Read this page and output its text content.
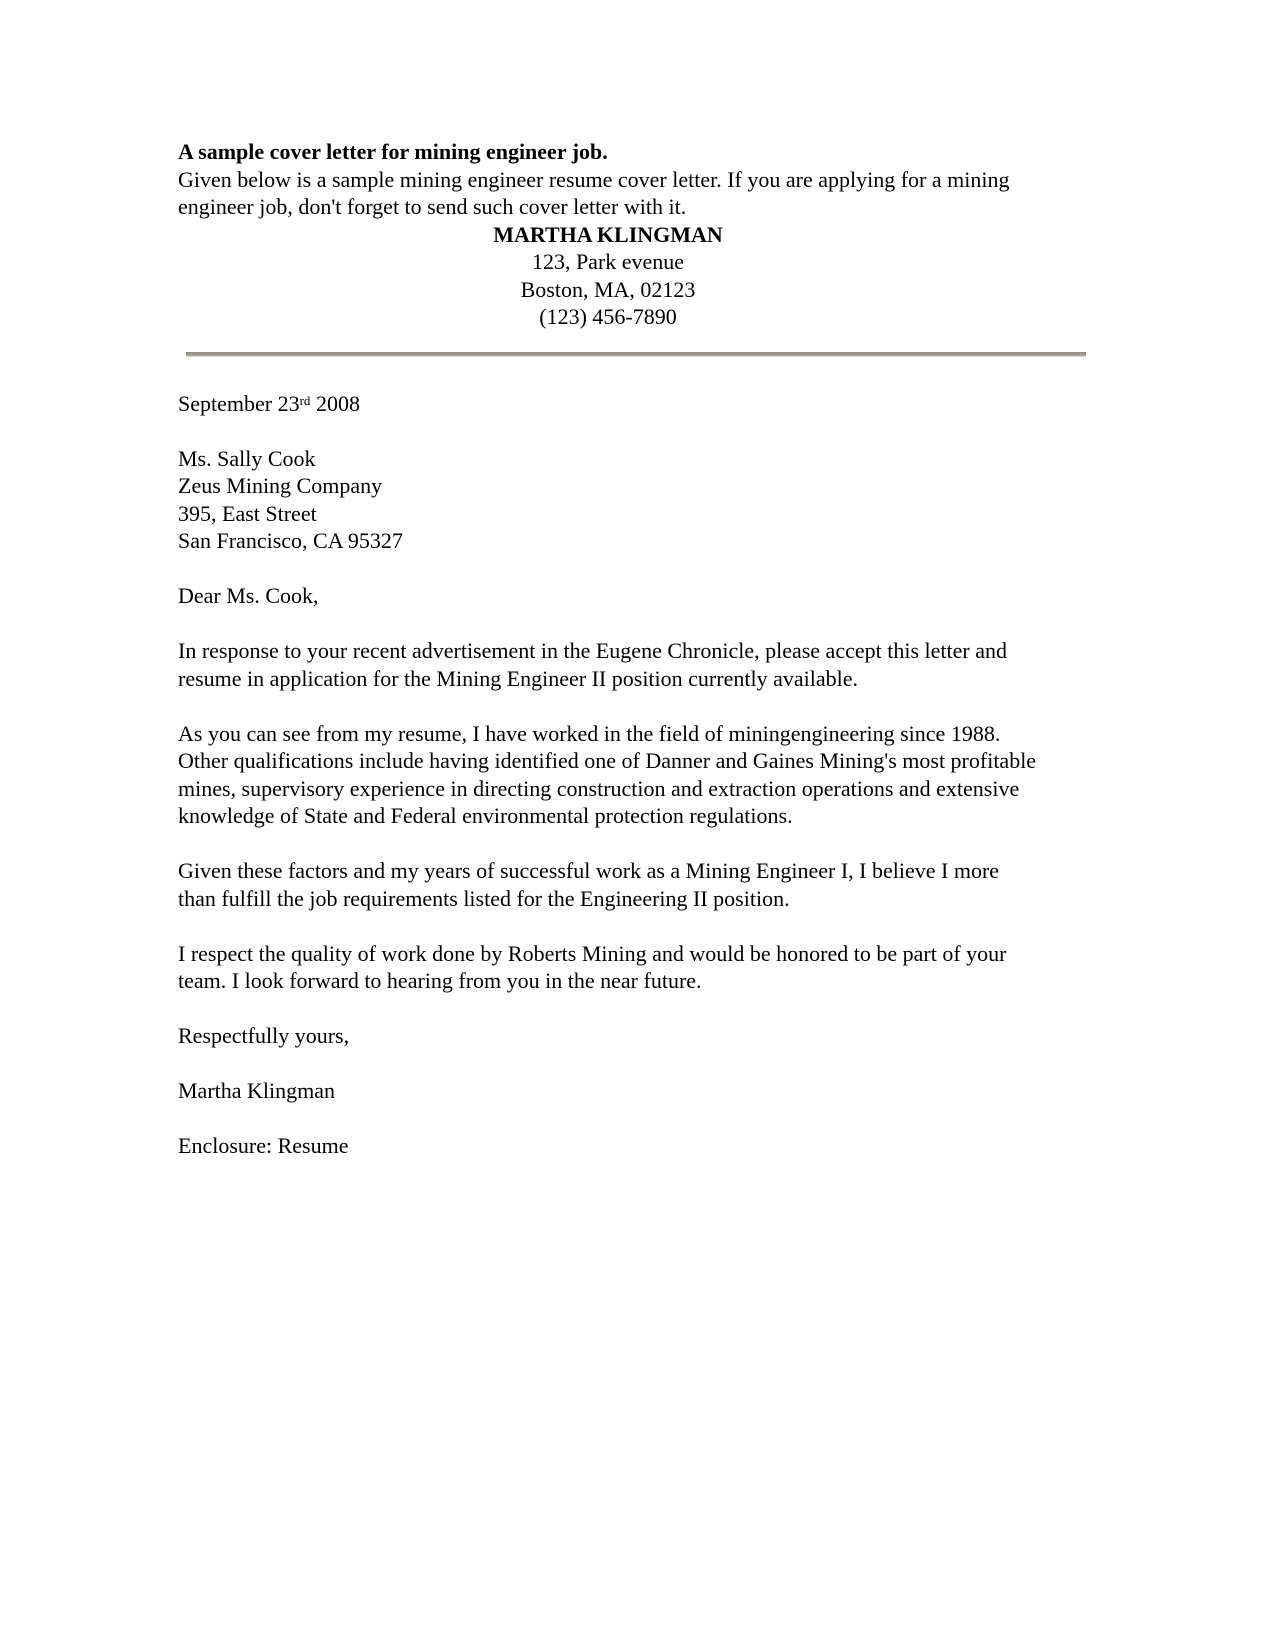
A sample cover letter for mining engineer job.

Given below is a sample mining engineer resume cover letter. If you are applying for a mining engineer job, don't forget to send such cover letter with it.

MARTHA KLINGMAN
123, Park evenue
Boston, MA, 02123
(123) 456-7890

September 23rd 2008

Ms. Sally Cook
Zeus Mining Company
395, East Street
San Francisco, CA 95327

Dear Ms. Cook,

In response to your recent advertisement in the Eugene Chronicle, please accept this letter and resume in application for the Mining Engineer II position currently available.

As you can see from my resume, I have worked in the field of miningengineering since 1988. Other qualifications include having identified one of Danner and Gaines Mining's most profitable mines, supervisory experience in directing construction and extraction operations and extensive knowledge of State and Federal environmental protection regulations.

Given these factors and my years of successful work as a Mining Engineer I, I believe I more than fulfill the job requirements listed for the Engineering II position.

I respect the quality of work done by Roberts Mining and would be honored to be part of your team. I look forward to hearing from you in the near future.

Respectfully yours,

Martha Klingman

Enclosure: Resume
